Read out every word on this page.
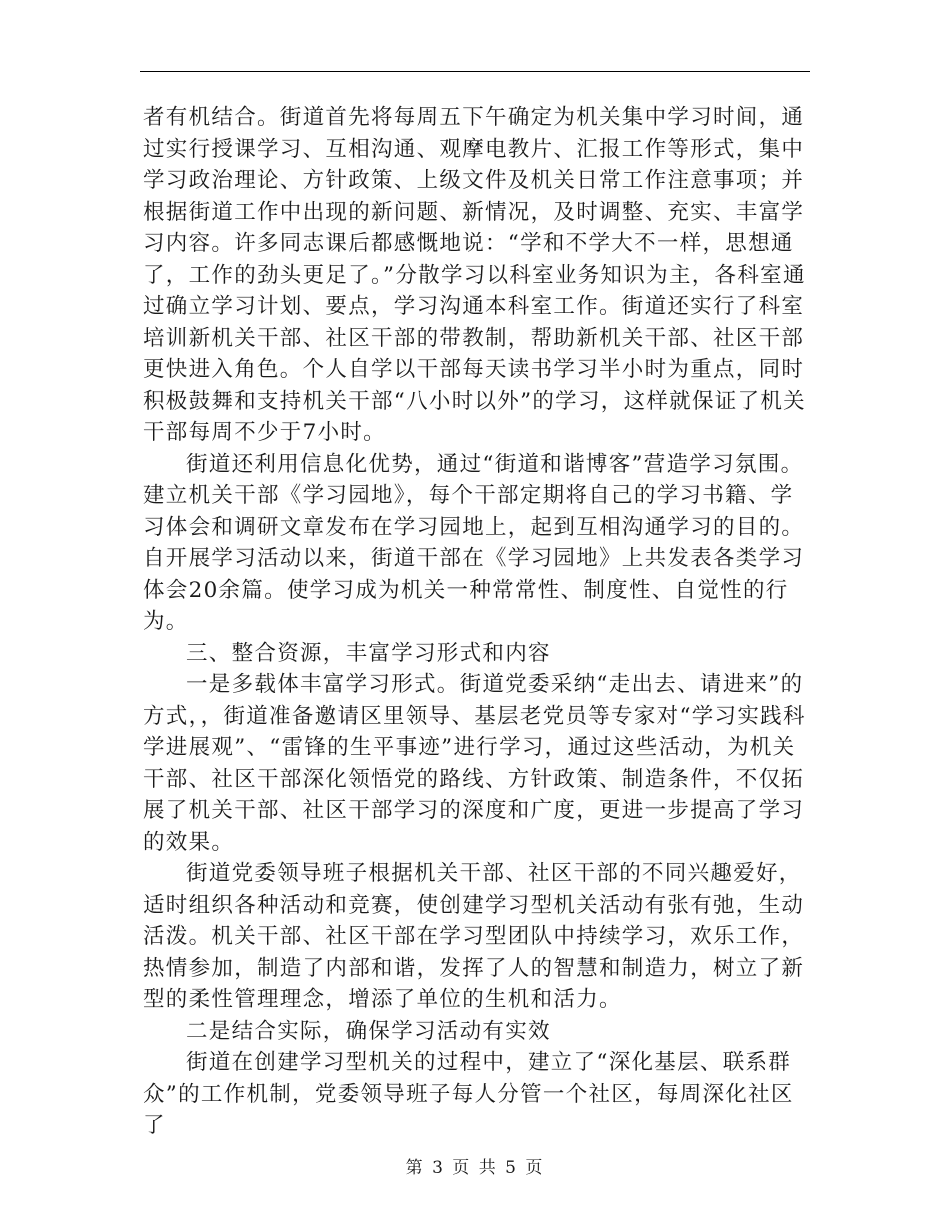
者有机结合。街道首先将每周五下午确定为机关集中学习时间，通过实行授课学习、互相沟通、观摩电教片、汇报工作等形式，集中学习政治理论、方针政策、上级文件及机关日常工作注意事项；并根据街道工作中出现的新问题、新情况，及时调整、充实、丰富学习内容。许多同志课后都感慨地说：“学和不学大不一样，思想通了，工作的劲头更足了。”分散学习以科室业务知识为主，各科室通过确立学习计划、要点，学习沟通本科室工作。街道还实行了科室培训新机关干部、社区干部的带教制，帮助新机关干部、社区干部更快进入角色。个人自学以干部每天读书学习半小时为重点，同时积极鼓舞和支持机关干部“八小时以外”的学习，这样就保证了机关干部每周不少于7小时。

街道还利用信息化优势，通过“街道和谐博客”营造学习氛围。建立机关干部《学习园地》，每个干部定期将自己的学习书籍、学习体会和调研文章发布在学习园地上，起到互相沟通学习的目的。自开展学习活动以来，街道干部在《学习园地》上共发表各类学习体会20余篇。使学习成为机关一种常常性、制度性、自觉性的行为。

三、整合资源，丰富学习形式和内容

一是多载体丰富学习形式。街道党委采纳“走出去、请进来”的方式，，街道准备邀请区里领导、基层老党员等专家对“学习实践科学进展观”、“雷锋的生平事迹”进行学习，通过这些活动，为机关干部、社区干部深化领悟党的路线、方针政策、制造条件，不仅拓展了机关干部、社区干部学习的深度和广度，更进一步提高了学习的效果。

街道党委领导班子根据机关干部、社区干部的不同兴趣爱好，适时组织各种活动和竞赛，使创建学习型机关活动有张有弛，生动活泼。机关干部、社区干部在学习型团队中持续学习，欢乐工作，热情参加，制造了内部和谐，发挥了人的智慧和制造力，树立了新型的柔性管理理念，增添了单位的生机和活力。

二是结合实际，确保学习活动有实效

街道在创建学习型机关的过程中，建立了“深化基层、联系群众”的工作机制，党委领导班子每人分管一个社区，每周深化社区了

第 3 页 共 5 页
